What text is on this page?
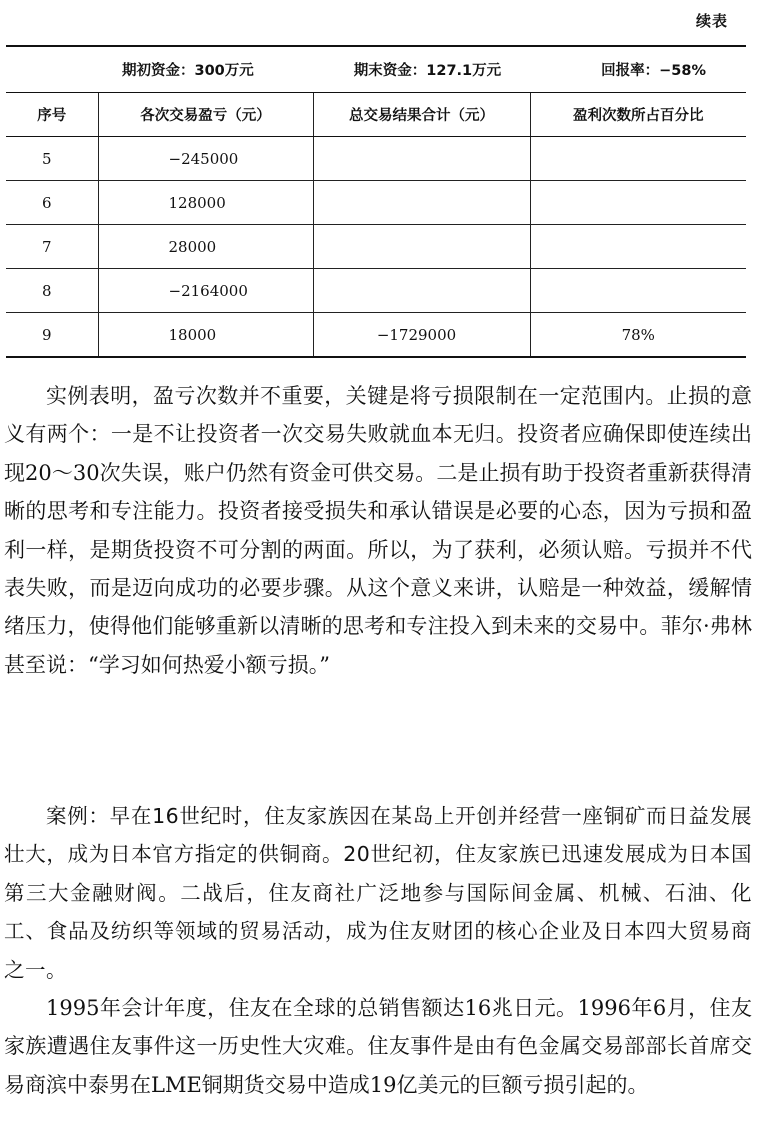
续表
期初资金：300万元 期末资金：127.1万元 回报率：−58%			

序号	各次交易盈亏（元）	总交易结果合计（元）	盈利次数所占百分比
5	−245000		
6	128000		
7	28000		
8	−2164000		
9	18000	−1729000	78%

实例表明，盈亏次数并不重要，关键是将亏损限制在一定范围内。止损的意义有两个：一是不让投资者一次交易失败就血本无归。投资者应确保即使连续出现20～30次失误，账户仍然有资金可供交易。二是止损有助于投资者重新获得清晰的思考和专注能力。投资者接受损失和承认错误是必要的心态，因为亏损和盈利一样，是期货投资不可分割的两面。所以，为了获利，必须认赔。亏损并不代表失败，而是迈向成功的必要步骤。从这个意义来讲，认赔是一种效益，缓解情绪压力，使得他们能够重新以清晰的思考和专注投入到未来的交易中。菲尔·弗林甚至说：“学习如何热爱小额亏损。”

案例：早在16世纪时，住友家族因在某岛上开创并经营一座铜矿而日益发展壮大，成为日本官方指定的供铜商。20世纪初，住友家族已迅速发展成为日本国第三大金融财阀。二战后，住友商社广泛地参与国际间金属、机械、石油、化工、食品及纺织等领域的贸易活动，成为住友财团的核心企业及日本四大贸易商之一。

1995年会计年度，住友在全球的总销售额达16兆日元。1996年6月，住友家族遭遇住友事件这一历史性大灾难。住友事件是由有色金属交易部部长首席交易商滨中泰男在LME铜期货交易中造成19亿美元的巨额亏损引起的。
